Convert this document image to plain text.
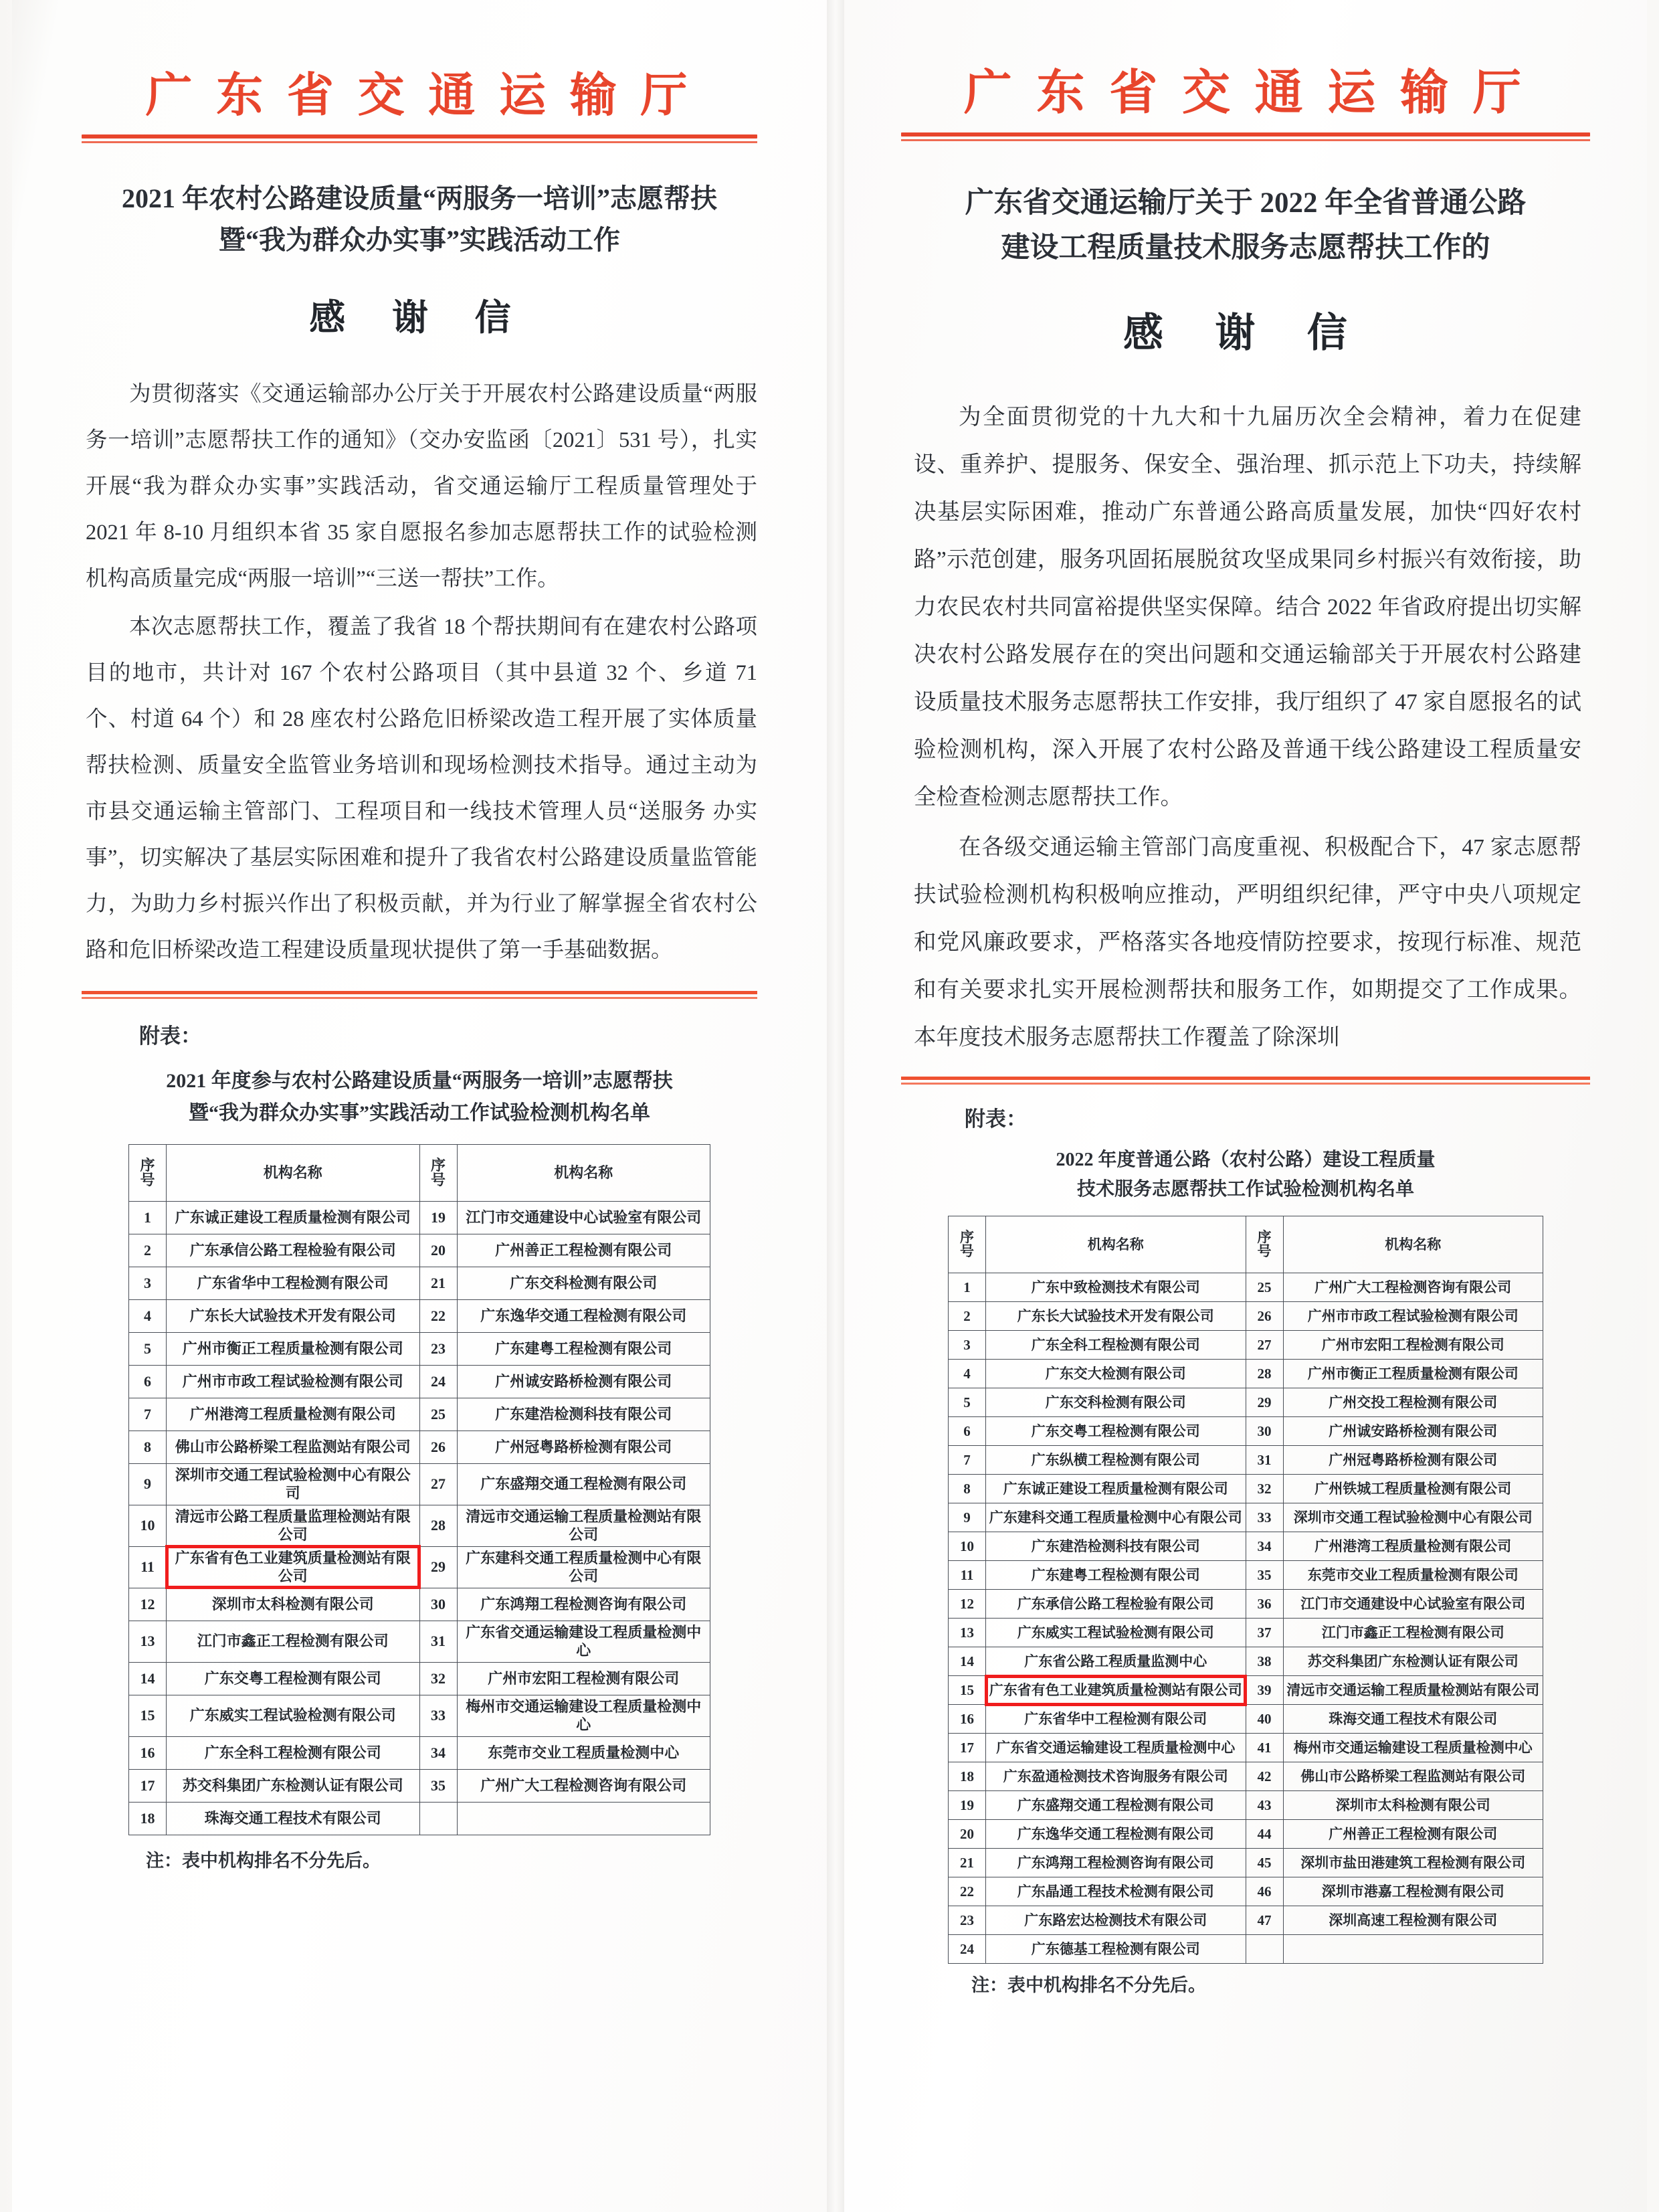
广 东 省 交 通 运 输 厅
2021 年农村公路建设质量“两服务一培训”志愿帮扶
暨“我为群众办实事”实践活动工作
感 谢 信

为贯彻落实《交通运输部办公厅关于开展农村公路建设质量“两服务一培训”志愿帮扶工作的通知》（交办安监函〔2021〕531 号），扎实开展“我为群众办实事”实践活动，省交通运输厅工程质量管理处于 2021 年 8-10 月组织本省 35 家自愿报名参加志愿帮扶工作的试验检测机构高质量完成“两服一培训”“三送一帮扶”工作。

本次志愿帮扶工作，覆盖了我省 18 个帮扶期间有在建农村公路项目的地市，共计对 167 个农村公路项目（其中县道 32 个、乡道 71 个、村道 64 个）和 28 座农村公路危旧桥梁改造工程开展了实体质量帮扶检测、质量安全监管业务培训和现场检测技术指导。通过主动为市县交通运输主管部门、工程项目和一线技术管理人员“送服务 办实事”，切实解决了基层实际困难和提升了我省农村公路建设质量监管能力，为助力乡村振兴作出了积极贡献，并为行业了解掌握全省农村公路和危旧桥梁改造工程建设质量现状提供了第一手基础数据。

附表：
2021 年度参与农村公路建设质量“两服务一培训”志愿帮扶
暨“我为群众办实事”实践活动工作试验检测机构名单
序
号	机构名称	序
号	机构名称
1	广东诚正建设工程质量检测有限公司	19	江门市交通建设中心试验室有限公司
2	广东承信公路工程检验有限公司	20	广州善正工程检测有限公司
3	广东省华中工程检测有限公司	21	广东交科检测有限公司
4	广东长大试验技术开发有限公司	22	广东逸华交通工程检测有限公司
5	广州市衡正工程质量检测有限公司	23	广东建粤工程检测有限公司
6	广州市市政工程试验检测有限公司	24	广州诚安路桥检测有限公司
7	广州港湾工程质量检测有限公司	25	广东建浩检测科技有限公司
8	佛山市公路桥梁工程监测站有限公司	26	广州冠粤路桥检测有限公司
9	深圳市交通工程试验检测中心有限公司	27	广东盛翔交通工程检测有限公司
10	清远市公路工程质量监理检测站有限公司	28	清远市交通运输工程质量检测站有限公司
11	广东省有色工业建筑质量检测站有限公司	29	广东建科交通工程质量检测中心有限公司
12	深圳市太科检测有限公司	30	广东鸿翔工程检测咨询有限公司
13	江门市鑫正工程检测有限公司	31	广东省交通运输建设工程质量检测中心
14	广东交粤工程检测有限公司	32	广州市宏阳工程检测有限公司
15	广东威实工程试验检测有限公司	33	梅州市交通运输建设工程质量检测中心
16	广东全科工程检测有限公司	34	东莞市交业工程质量检测中心
17	苏交科集团广东检测认证有限公司	35	广州广大工程检测咨询有限公司
18	珠海交通工程技术有限公司		
注：表中机构排名不分先后。
广 东 省 交 通 运 输 厅
广东省交通运输厅关于 2022 年全省普通公路
建设工程质量技术服务志愿帮扶工作的
感 谢 信

为全面贯彻党的十九大和十九届历次全会精神，着力在促建设、重养护、提服务、保安全、强治理、抓示范上下功夫，持续解决基层实际困难，推动广东普通公路高质量发展，加快“四好农村路”示范创建，服务巩固拓展脱贫攻坚成果同乡村振兴有效衔接，助力农民农村共同富裕提供坚实保障。结合 2022 年省政府提出切实解决农村公路发展存在的突出问题和交通运输部关于开展农村公路建设质量技术服务志愿帮扶工作安排，我厅组织了 47 家自愿报名的试验检测机构，深入开展了农村公路及普通干线公路建设工程质量安全检查检测志愿帮扶工作。

在各级交通运输主管部门高度重视、积极配合下，47 家志愿帮扶试验检测机构积极响应推动，严明组织纪律，严守中央八项规定和党风廉政要求，严格落实各地疫情防控要求，按现行标准、规范和有关要求扎实开展检测帮扶和服务工作，如期提交了工作成果。本年度技术服务志愿帮扶工作覆盖了除深圳

附表：
2022 年度普通公路（农村公路）建设工程质量
技术服务志愿帮扶工作试验检测机构名单
序
号	机构名称	序
号	机构名称
1	广东中致检测技术有限公司	25	广州广大工程检测咨询有限公司
2	广东长大试验技术开发有限公司	26	广州市市政工程试验检测有限公司
3	广东全科工程检测有限公司	27	广州市宏阳工程检测有限公司
4	广东交大检测有限公司	28	广州市衡正工程质量检测有限公司
5	广东交科检测有限公司	29	广州交投工程检测有限公司
6	广东交粤工程检测有限公司	30	广州诚安路桥检测有限公司
7	广东纵横工程检测有限公司	31	广州冠粤路桥检测有限公司
8	广东诚正建设工程质量检测有限公司	32	广州铁城工程质量检测有限公司
9	广东建科交通工程质量检测中心有限公司	33	深圳市交通工程试验检测中心有限公司
10	广东建浩检测科技有限公司	34	广州港湾工程质量检测有限公司
11	广东建粤工程检测有限公司	35	东莞市交业工程质量检测有限公司
12	广东承信公路工程检验有限公司	36	江门市交通建设中心试验室有限公司
13	广东威实工程试验检测有限公司	37	江门市鑫正工程检测有限公司
14	广东省公路工程质量监测中心	38	苏交科集团广东检测认证有限公司
15	广东省有色工业建筑质量检测站有限公司	39	清远市交通运输工程质量检测站有限公司
16	广东省华中工程检测有限公司	40	珠海交通工程技术有限公司
17	广东省交通运输建设工程质量检测中心	41	梅州市交通运输建设工程质量检测中心
18	广东盈通检测技术咨询服务有限公司	42	佛山市公路桥梁工程监测站有限公司
19	广东盛翔交通工程检测有限公司	43	深圳市太科检测有限公司
20	广东逸华交通工程检测有限公司	44	广州善正工程检测有限公司
21	广东鸿翔工程检测咨询有限公司	45	深圳市盐田港建筑工程检测有限公司
22	广东晶通工程技术检测有限公司	46	深圳市港嘉工程检测有限公司
23	广东路宏达检测技术有限公司	47	深圳高速工程检测有限公司
24	广东德基工程检测有限公司		
注：表中机构排名不分先后。
